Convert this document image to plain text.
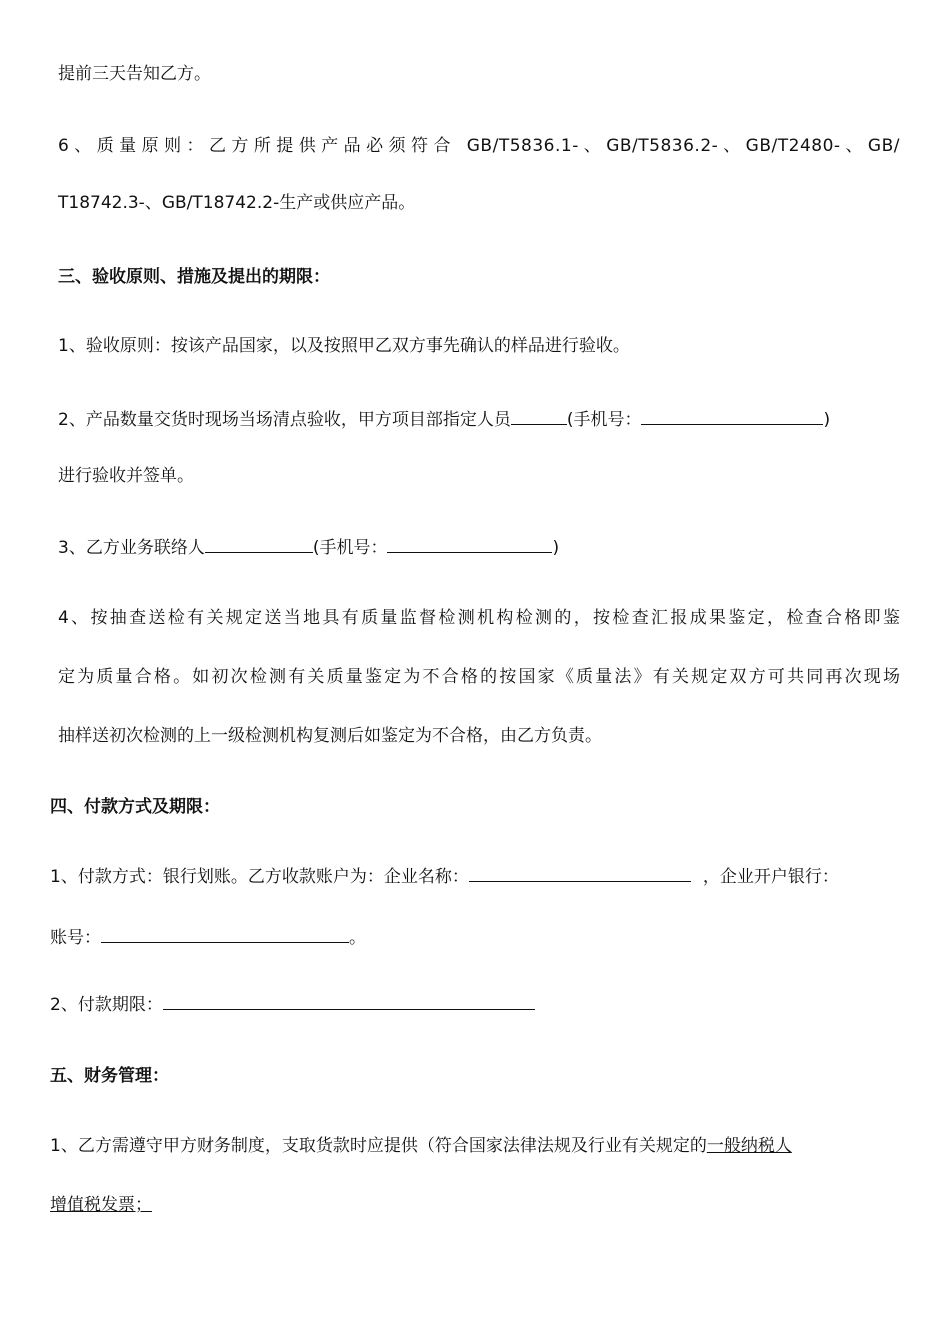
提前三天告知乙方。
6、质量原则：乙方所提供产品必须符合 GB/T5836.1-、GB/T5836.2-、GB/T2480-、GB/
T18742.3-、GB/T18742.2-生产或供应产品。
三、验收原则、措施及提出的期限：
1、验收原则：按该产品国家，以及按照甲乙双方事先确认的样品进行验收。
2、产品数量交货时现场当场清点验收，甲方项目部指定人员	(手机号：	)
进行验收并签单。
3、乙方业务联络人	(手机号：	)
4、按抽查送检有关规定送当地具有质量监督检测机构检测的，按检查汇报成果鉴定，检查合格即鉴
定为质量合格。如初次检测有关质量鉴定为不合格的按国家《质量法》有关规定双方可共同再次现场
抽样送初次检测的上一级检测机构复测后如鉴定为不合格，由乙方负责。
四、付款方式及期限：
1、付款方式：银行划账。乙方收款账户为：企业名称：	，企业开户银行：
账号：	。
2、付款期限：
五、财务管理：
1、乙方需遵守甲方财务制度，支取货款时应提供（符合国家法律法规及行业有关规定的一般纳税人
增值税发票；
